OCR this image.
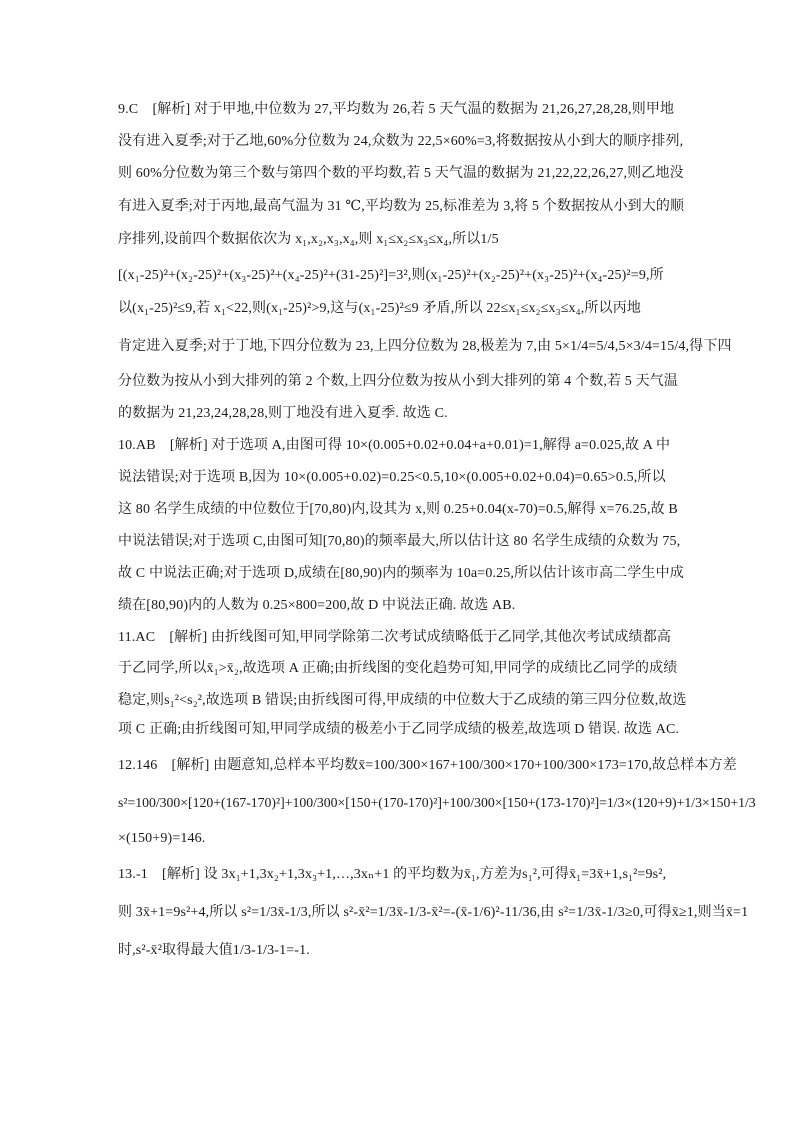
9.C　[解析] 对于甲地,中位数为 27,平均数为 26,若 5 天气温的数据为 21,26,27,28,28,则甲地
没有进入夏季;对于乙地,60%分位数为 24,众数为 22,5×60%=3,将数据按从小到大的顺序排列,
则 60%分位数为第三个数与第四个数的平均数,若 5 天气温的数据为 21,22,22,26,27,则乙地没
有进入夏季;对于丙地,最高气温为 31 ℃,平均数为 25,标准差为 3,将 5 个数据按从小到大的顺
序排列,设前四个数据依次为 x₁,x₂,x₃,x₄,则 x₁≤x₂≤x₃≤x₄,所以1/5
[(x₁-25)²+(x₂-25)²+(x₃-25)²+(x₄-25)²+(31-25)²]=3²,则(x₁-25)²+(x₂-25)²+(x₃-25)²+(x₄-25)²=9,所
以(x₁-25)²≤9,若 x₁<22,则(x₁-25)²>9,这与(x₁-25)²≤9 矛盾,所以 22≤x₁≤x₂≤x₃≤x₄,所以丙地
肯定进入夏季;对于丁地,下四分位数为 23,上四分位数为 28,极差为 7,由 5×1/4=5/4,5×3/4=15/4,得下四
分位数为按从小到大排列的第 2 个数,上四分位数为按从小到大排列的第 4 个数,若 5 天气温
的数据为 21,23,24,28,28,则丁地没有进入夏季. 故选 C.
10.AB　[解析] 对于选项 A,由图可得 10×(0.005+0.02+0.04+a+0.01)=1,解得 a=0.025,故 A 中
说法错误;对于选项 B,因为 10×(0.005+0.02)=0.25<0.5,10×(0.005+0.02+0.04)=0.65>0.5,所以
这 80 名学生成绩的中位数位于[70,80)内,设其为 x,则 0.25+0.04(x-70)=0.5,解得 x=76.25,故 B
中说法错误;对于选项 C,由图可知[70,80)的频率最大,所以估计这 80 名学生成绩的众数为 75,
故 C 中说法正确;对于选项 D,成绩在[80,90)内的频率为 10a=0.25,所以估计该市高二学生中成
绩在[80,90)内的人数为 0.25×800=200,故 D 中说法正确. 故选 AB.
11.AC　[解析] 由折线图可知,甲同学除第二次考试成绩略低于乙同学,其他次考试成绩都高
于乙同学,所以x̄₁>x̄₂,故选项 A 正确;由折线图的变化趋势可知,甲同学的成绩比乙同学的成绩
稳定,则s₁²<s₂²,故选项 B 错误;由折线图可得,甲成绩的中位数大于乙成绩的第三四分位数,故选
项 C 正确;由折线图可知,甲同学成绩的极差小于乙同学成绩的极差,故选项 D 错误. 故选 AC.
12.146　[解析] 由题意知,总样本平均数x̄=100/300×167+100/300×170+100/300×173=170,故总样本方差
s²=100/300×[120+(167-170)²]+100/300×[150+(170-170)²]+100/300×[150+(173-170)²]=1/3×(120+9)+1/3×150+1/3
×(150+9)=146.
13.-1　[解析] 设 3x₁+1,3x₂+1,3x₃+1,…,3xₙ+1 的平均数为x̄₁,方差为s₁²,可得x̄₁=3x̄+1,s₁²=9s²,
则 3x̄+1=9s²+4,所以 s²=1/3x̄-1/3,所以 s²-x̄²=1/3x̄-1/3-x̄²=-(x̄-1/6)²-11/36,由 s²=1/3x̄-1/3≥0,可得x̄≥1,则当x̄=1
时,s²-x̄²取得最大值1/3-1/3-1=-1.
